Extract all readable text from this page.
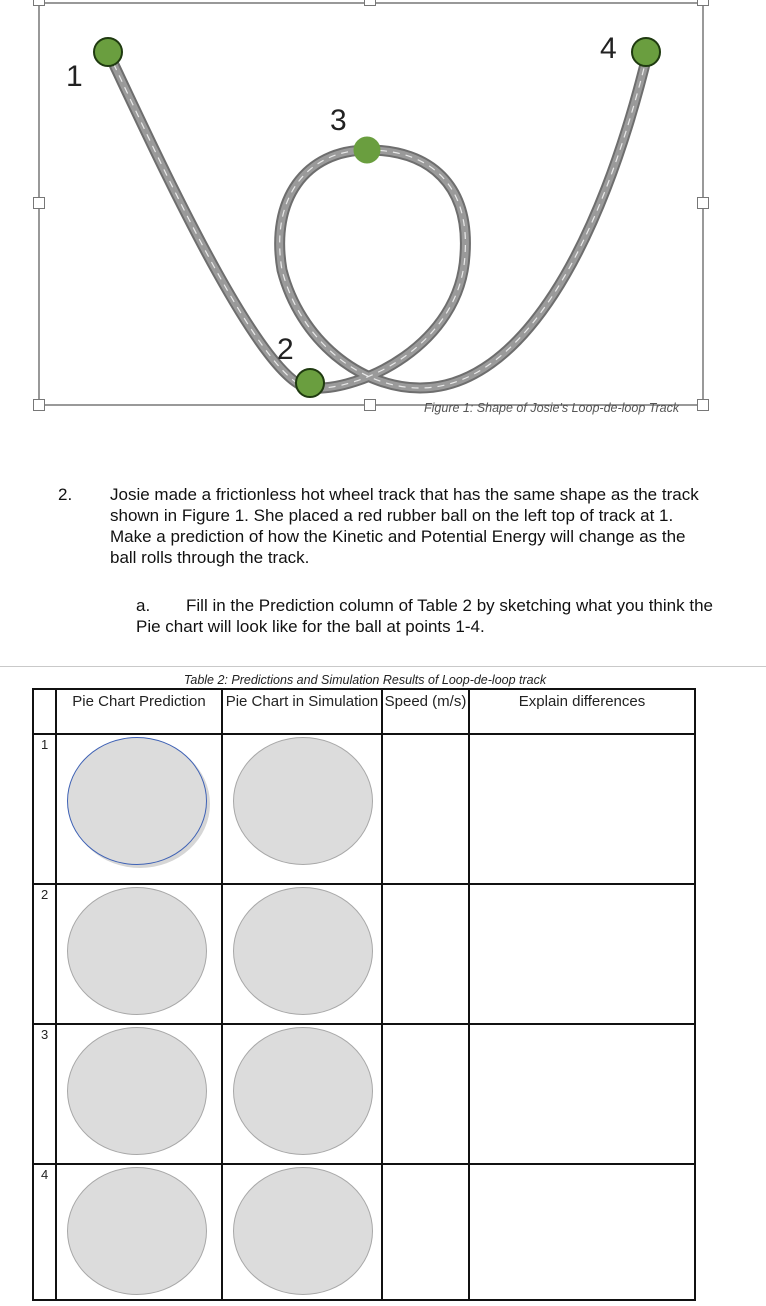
1
2
3
4
Figure 1: Shape of Josie's Loop-de-loop Track
2. Josie made a frictionless hot wheel track that has the same shape as the track shown in Figure 1. She placed a red rubber ball on the left top of track at 1. Make a prediction of how the Kinetic and Potential Energy will change as the ball rolls through the track.
a.	Fill in the Prediction column of Table 2 by sketching what you think the Pie chart will look like for the ball at points 1-4.
Table 2: Predictions and Simulation Results of Loop-de-loop track
	Pie Chart Prediction	Pie Chart in Simulation	Speed (m/s)	Explain differences
1	

2	

3	

4	
